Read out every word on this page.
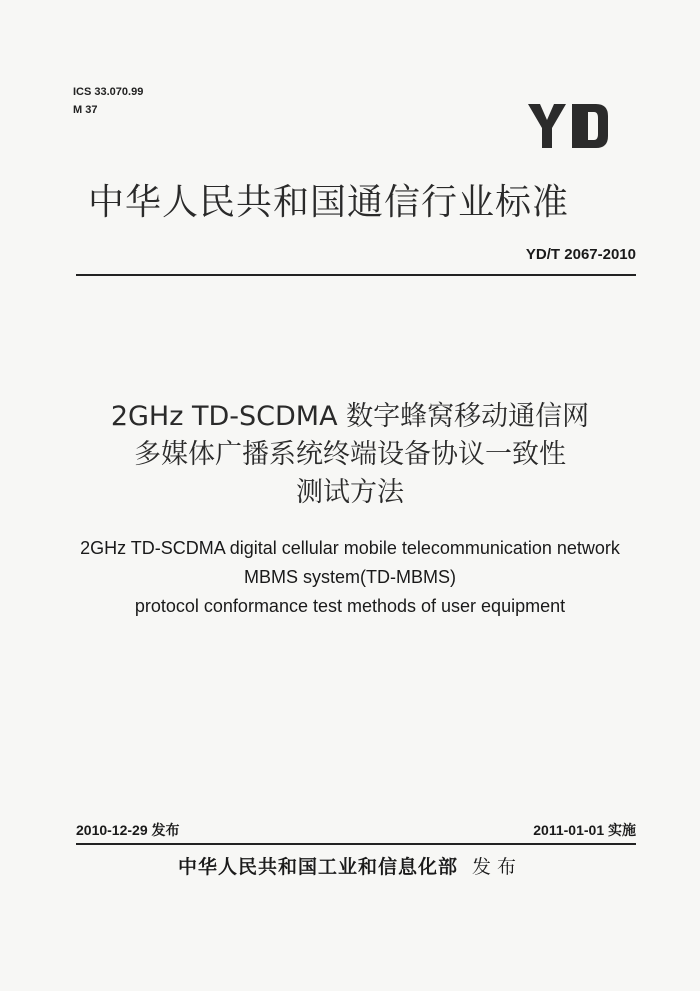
ICS 33.070.99
M 37
中华人民共和国通信行业标准
YD/T 2067-2010
2GHz TD-SCDMA 数字蜂窝移动通信网
多媒体广播系统终端设备协议一致性
测试方法
2GHz TD-SCDMA digital cellular mobile telecommunication network
MBMS system(TD-MBMS)
protocol conformance test methods of user equipment
2010-12-29 发布	2011-01-01 实施
中华人民共和国工业和信息化部 发布
